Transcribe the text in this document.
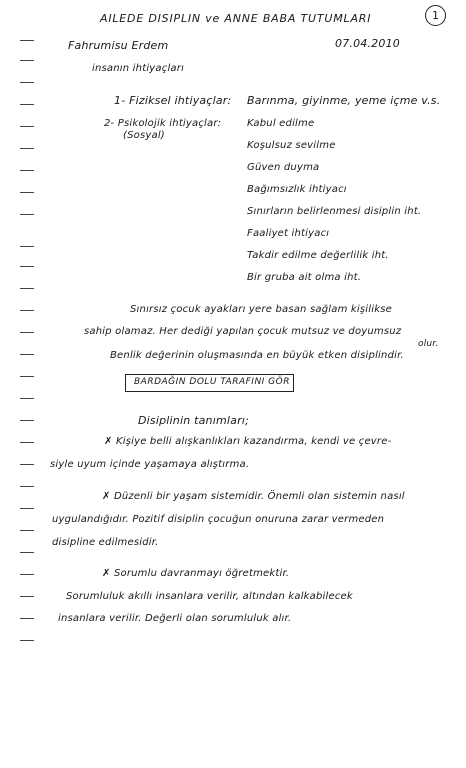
AILEDE DISIPLIN ve ANNE BABA TUTUMLARI	1
Fahrumisu Erdem	07.04.2010
insanın ihtiyaçları
1- Fiziksel ihtiyaçlar: Barınma, giyinme, yeme içme v.s.
2- Psikolojik ihtiyaçlar:
(Sosyal)
Kabul edilme
Koşulsuz sevilme
Güven duyma
Bağımsızlık ihtiyacı
Sınırların belirlenmesi disiplin iht.
Faaliyet ihtiyacı
Takdir edilme değerlilik iht.
Bir gruba ait olma iht.
Sınırsız çocuk ayakları yere basan sağlam kişilikse
sahip olamaz. Her dediği yapılan çocuk mutsuz ve doyumsuz
olur.
Benlik değerinin oluşmasında en büyük etken disiplindir.
BARDAĞIN DOLU TARAFINI GÖR
Disiplinin tanımları;
✗ Kişiye belli alışkanlıkları kazandırma, kendi ve çevre-
siyle uyum içinde yaşamaya alıştırma.
✗ Düzenli bir yaşam sistemidir. Önemli olan sistemin nasıl
uygulandığıdır. Pozitif disiplin çocuğun onuruna zarar vermeden
disipline edilmesidir.
✗ Sorumlu davranmayı öğretmektir.
Sorumluluk akıllı insanlara verilir, altından kalkabilecek
insanlara verilir. Değerli olan sorumluluk alır.
